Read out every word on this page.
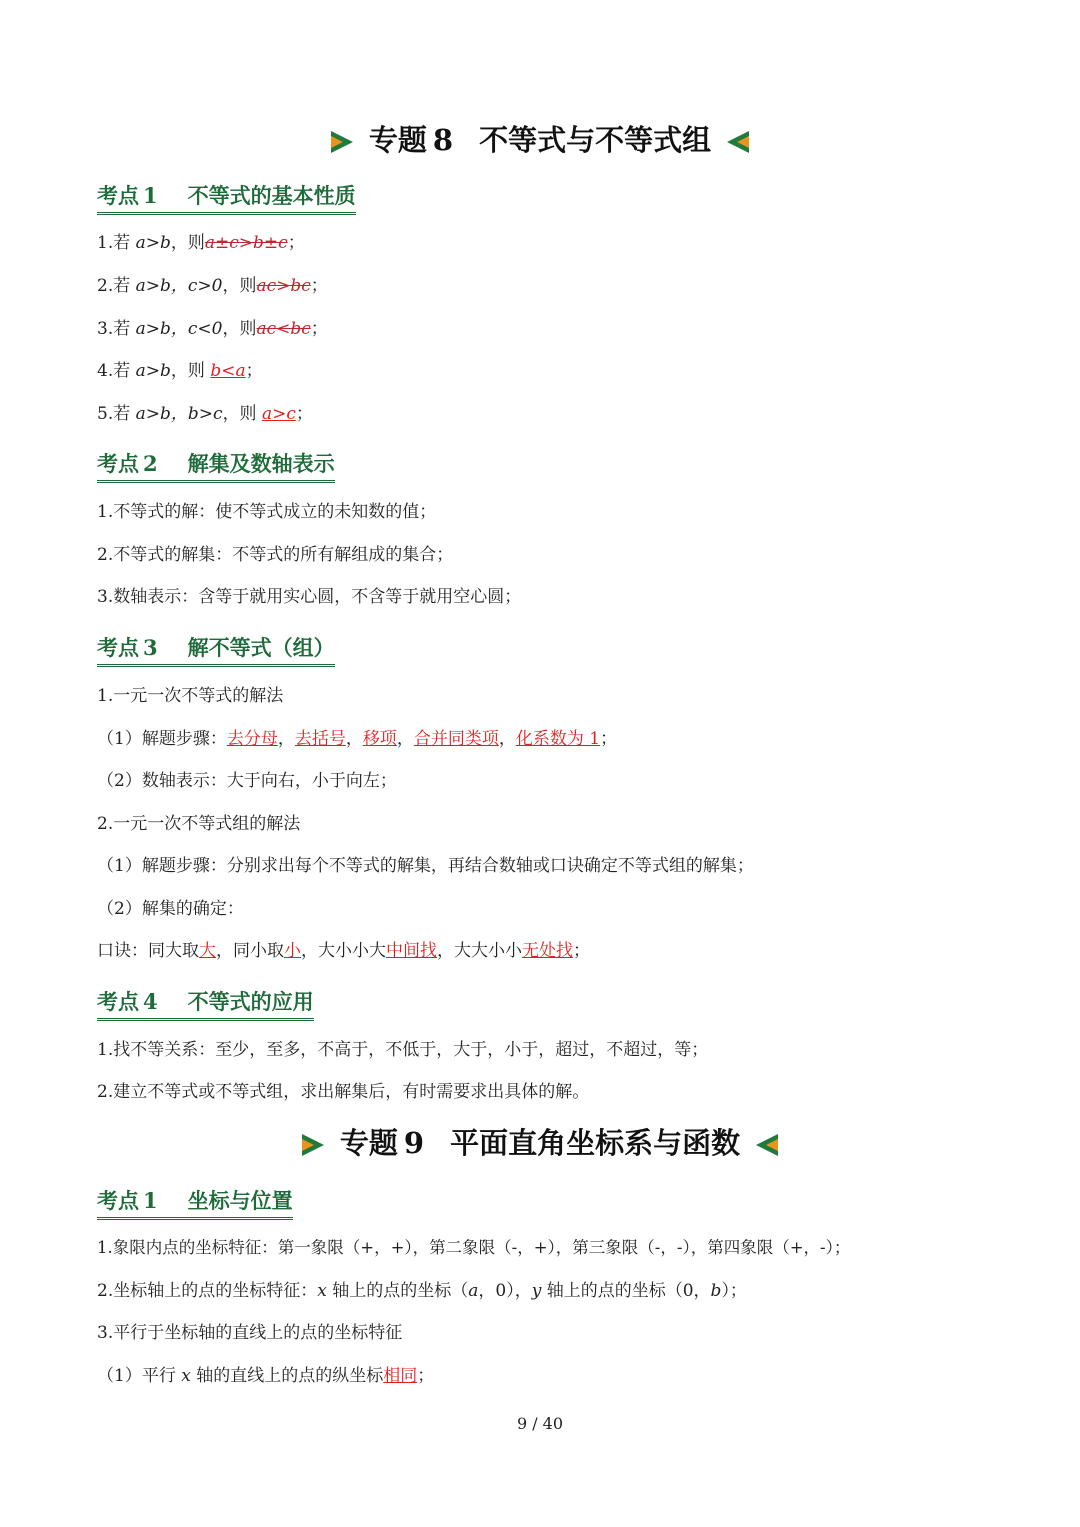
专题 8 不等式与不等式组
考点 1 不等式的基本性质
1.若 a>b，则a±c>b±c；
2.若 a>b，c>0，则ac>bc；
3.若 a>b，c<0，则ac<bc；
4.若 a>b，则 b<a；
5.若 a>b，b>c，则 a>c；
考点 2 解集及数轴表示
1.不等式的解：使不等式成立的未知数的值；
2.不等式的解集：不等式的所有解组成的集合；
3.数轴表示：含等于就用实心圆，不含等于就用空心圆；
考点 3 解不等式（组）
1.一元一次不等式的解法
（1）解题步骤：去分母，去括号，移项，合并同类项，化系数为 1；
（2）数轴表示：大于向右，小于向左；
2.一元一次不等式组的解法
（1）解题步骤：分别求出每个不等式的解集，再结合数轴或口诀确定不等式组的解集；
（2）解集的确定：
口诀：同大取大，同小取小，大小小大中间找，大大小小无处找；
考点 4 不等式的应用
1.找不等关系：至少，至多，不高于，不低于，大于，小于，超过，不超过，等；
2.建立不等式或不等式组，求出解集后，有时需要求出具体的解。
专题 9 平面直角坐标系与函数
考点 1 坐标与位置
1.象限内点的坐标特征：第一象限（+，+），第二象限（-，+），第三象限（-，-），第四象限（+，-）；
2.坐标轴上的点的坐标特征：x 轴上的点的坐标（a，0），y 轴上的点的坐标（0，b）；
3.平行于坐标轴的直线上的点的坐标特征
（1）平行 x 轴的直线上的点的纵坐标相同；
9 / 40
